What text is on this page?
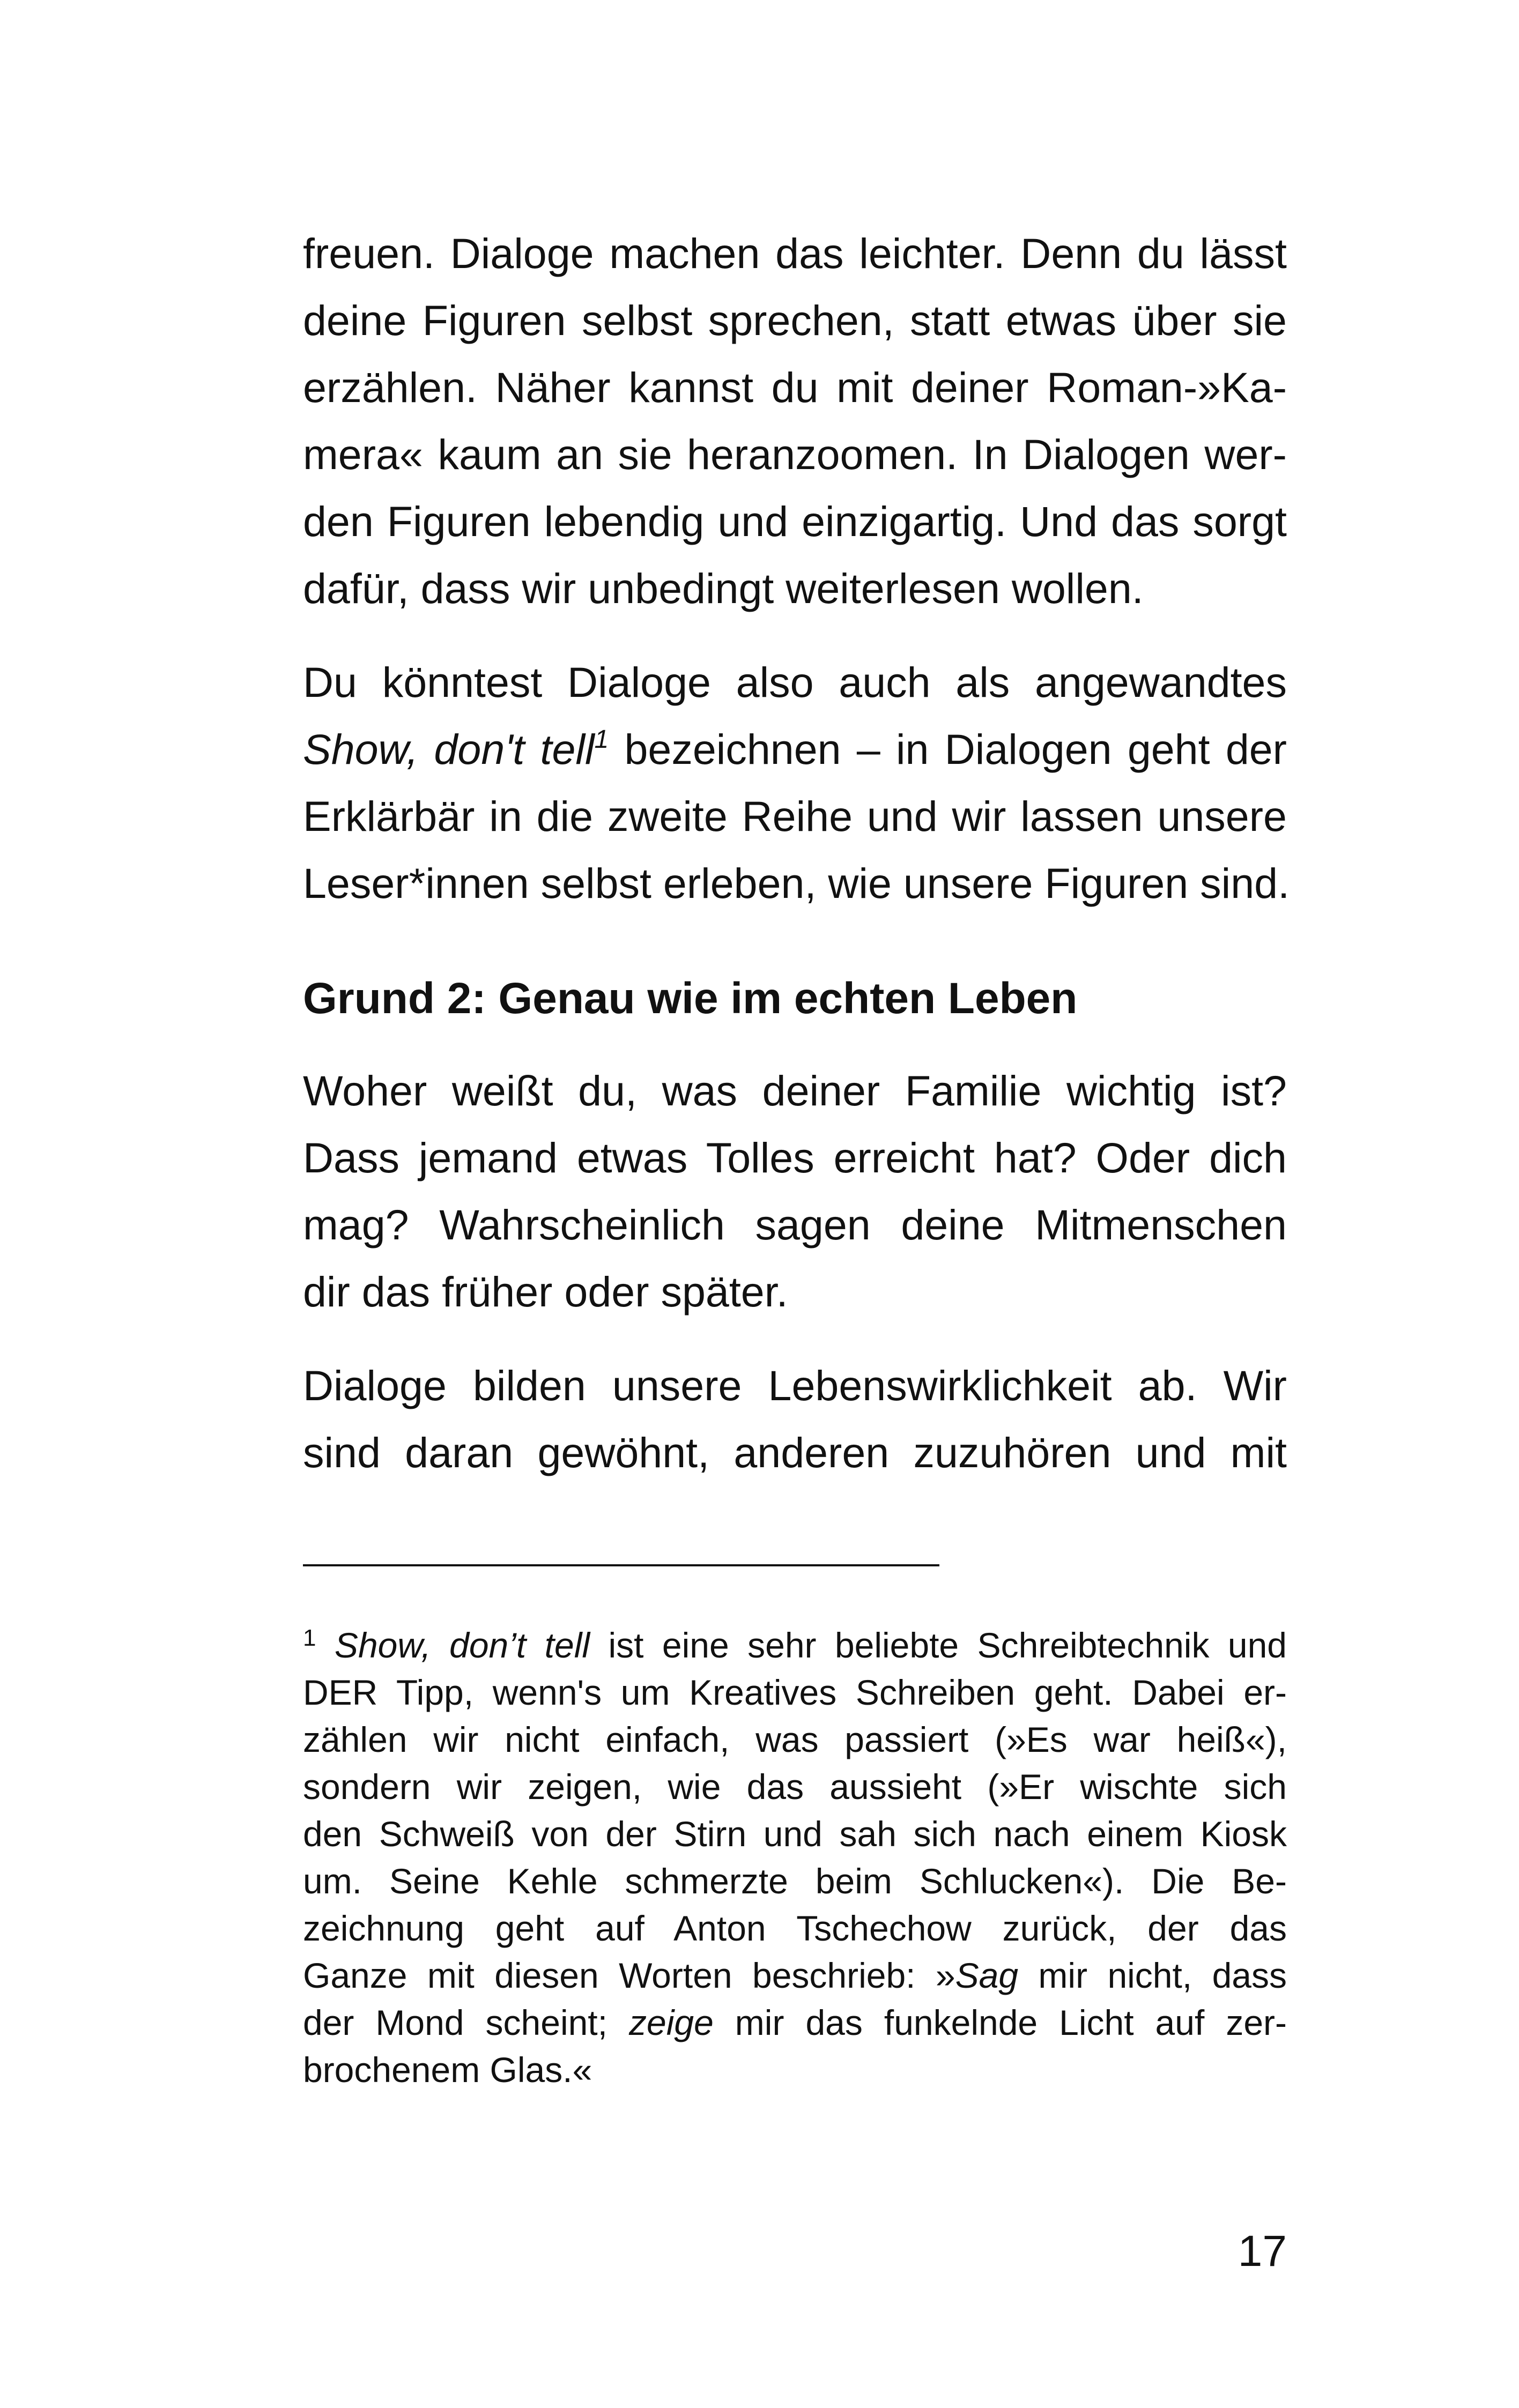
freuen. Dialoge machen das leichter. Denn du lässt
deine Figuren selbst sprechen, statt etwas über sie
erzählen. Näher kannst du mit deiner Roman-»Ka-
mera« kaum an sie heranzoomen. In Dialogen wer-
den Figuren lebendig und einzigartig. Und das sorgt
dafür, dass wir unbedingt weiterlesen wollen.
Du könntest Dialoge also auch als angewandtes
Show, don't tell$^1$ bezeichnen – in Dialogen geht der
Erklärbär in die zweite Reihe und wir lassen unsere
Leser*innen selbst erleben, wie unsere Figuren sind.
Grund 2: Genau wie im echten Leben
Woher weißt du, was deiner Familie wichtig ist?
Dass jemand etwas Tolles erreicht hat? Oder dich
mag? Wahrscheinlich sagen deine Mitmenschen
dir das früher oder später.
Dialoge bilden unsere Lebenswirklichkeit ab. Wir
sind daran gewöhnt, anderen zuzuhören und mit
$^1$ Show, don’t tell ist eine sehr beliebte Schreibtechnik und
DER Tipp, wenn's um Kreatives Schreiben geht. Dabei er-
zählen wir nicht einfach, was passiert (»Es war heiß«),
sondern wir zeigen, wie das aussieht (»Er wischte sich
den Schweiß von der Stirn und sah sich nach einem Kiosk
um. Seine Kehle schmerzte beim Schlucken«). Die Be-
zeichnung geht auf Anton Tschechow zurück, der das
Ganze mit diesen Worten beschrieb: »Sag mir nicht, dass
der Mond scheint; zeige mir das funkelnde Licht auf zer-
brochenem Glas.«
17
